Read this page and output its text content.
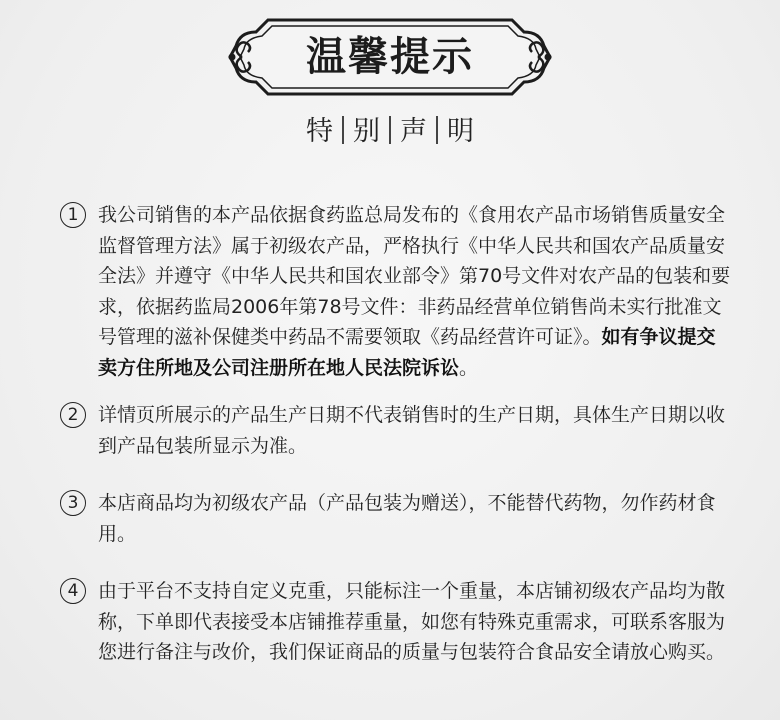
温馨提示
特 别 声 明
1	我公司销售的本产品依据食药监总局发布的《食用农产品市场销售质量安全监督管理方法》属于初级农产品，严格执行《中华人民共和国农产品质量安全法》并遵守《中华人民共和国农业部令》第70号文件对农产品的包装和要求，依据药监局2006年第78号文件：非药品经营单位销售尚未实行批准文号管理的滋补保健类中药品不需要领取《药品经营许可证》。如有争议提交卖方住所地及公司注册所在地人民法院诉讼。
2	详情页所展示的产品生产日期不代表销售时的生产日期，具体生产日期以收到产品包装所显示为准。
3	本店商品均为初级农产品（产品包装为赠送），不能替代药物，勿作药材食用。
4	由于平台不支持自定义克重，只能标注一个重量，本店铺初级农产品均为散称，下单即代表接受本店铺推荐重量，如您有特殊克重需求，可联系客服为您进行备注与改价，我们保证商品的质量与包装符合食品安全请放心购买。
